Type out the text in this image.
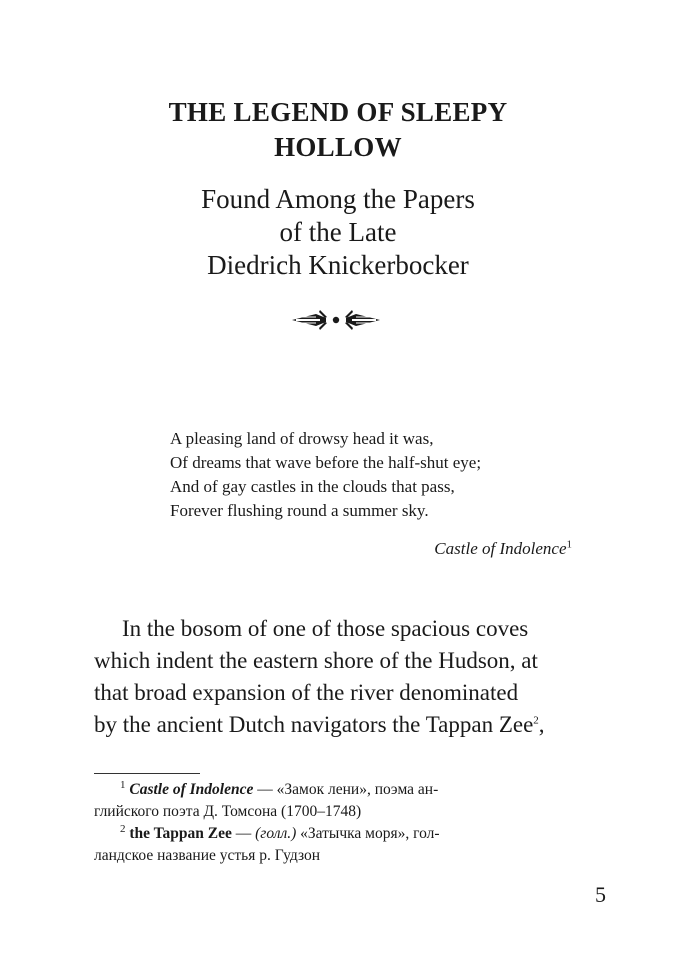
THE LEGEND OF SLEEPY
HOLLOW
Found Among the Papers
of the Late
Diedrich Knickerbocker
A pleasing land of drowsy head it was,
Of dreams that wave before the half-shut eye;
And of gay castles in the clouds that pass,
Forever flushing round a summer sky.
Castle of Indolence$^1$
In the bosom of one of those spacious coves
which indent the eastern shore of the Hudson, at
that broad expansion of the river denominated
by the ancient Dutch navigators the Tappan Zee$^2$,
$^1$ Castle of Indolence — «Замок лени», поэма ан-
глийского поэта Д. Томсона (1700–1748)
$^2$ the Tappan Zee — (голл.) «Затычка моря», гол-
ландское название устья р. Гудзон
5
